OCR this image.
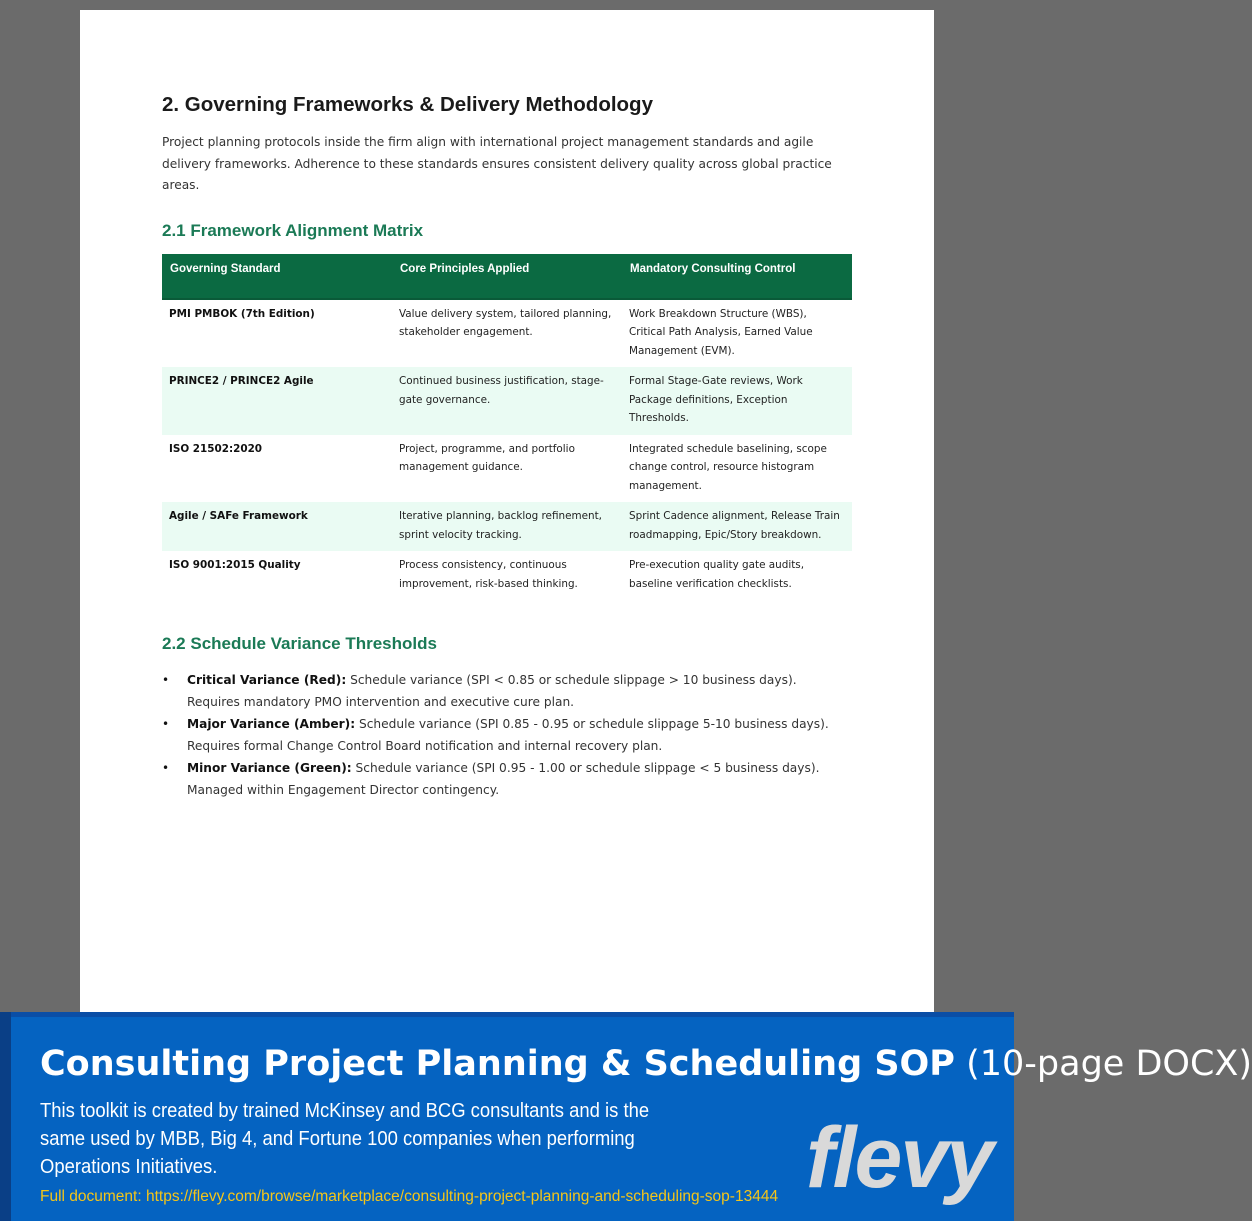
2. Governing Frameworks & Delivery Methodology

Project planning protocols inside the firm align with international project management standards and agile delivery frameworks. Adherence to these standards ensures consistent delivery quality across global practice areas.

2.1 Framework Alignment Matrix
Governing Standard	Core Principles Applied	Mandatory Consulting Control
PMI PMBOK (7th Edition)	Value delivery system, tailored planning, stakeholder engagement.	Work Breakdown Structure (WBS), Critical Path Analysis, Earned Value Management (EVM).
PRINCE2 / PRINCE2 Agile	Continued business justification, stage-gate governance.	Formal Stage-Gate reviews, Work Package definitions, Exception Thresholds.
ISO 21502:2020	Project, programme, and portfolio management guidance.	Integrated schedule baselining, scope change control, resource histogram management.
Agile / SAFe Framework	Iterative planning, backlog refinement, sprint velocity tracking.	Sprint Cadence alignment, Release Train roadmapping, Epic/Story breakdown.
ISO 9001:2015 Quality	Process consistency, continuous improvement, risk-based thinking.	Pre-execution quality gate audits, baseline verification checklists.
2.2 Schedule Variance Thresholds
• Critical Variance (Red): Schedule variance (SPI < 0.85 or schedule slippage > 10 business days). Requires mandatory PMO intervention and executive cure plan.
• Major Variance (Amber): Schedule variance (SPI 0.85 - 0.95 or schedule slippage 5-10 business days). Requires formal Change Control Board notification and internal recovery plan.
• Minor Variance (Green): Schedule variance (SPI 0.95 - 1.00 or schedule slippage < 5 business days). Managed within Engagement Director contingency.
Consulting Project Planning & Scheduling SOP (10-page DOCX)
This toolkit is created by trained McKinsey and BCG consultants and is the same used by MBB, Big 4, and Fortune 100 companies when performing Operations Initiatives.
Full document: https://flevy.com/browse/marketplace/consulting-project-planning-and-scheduling-sop-13444 flevy
